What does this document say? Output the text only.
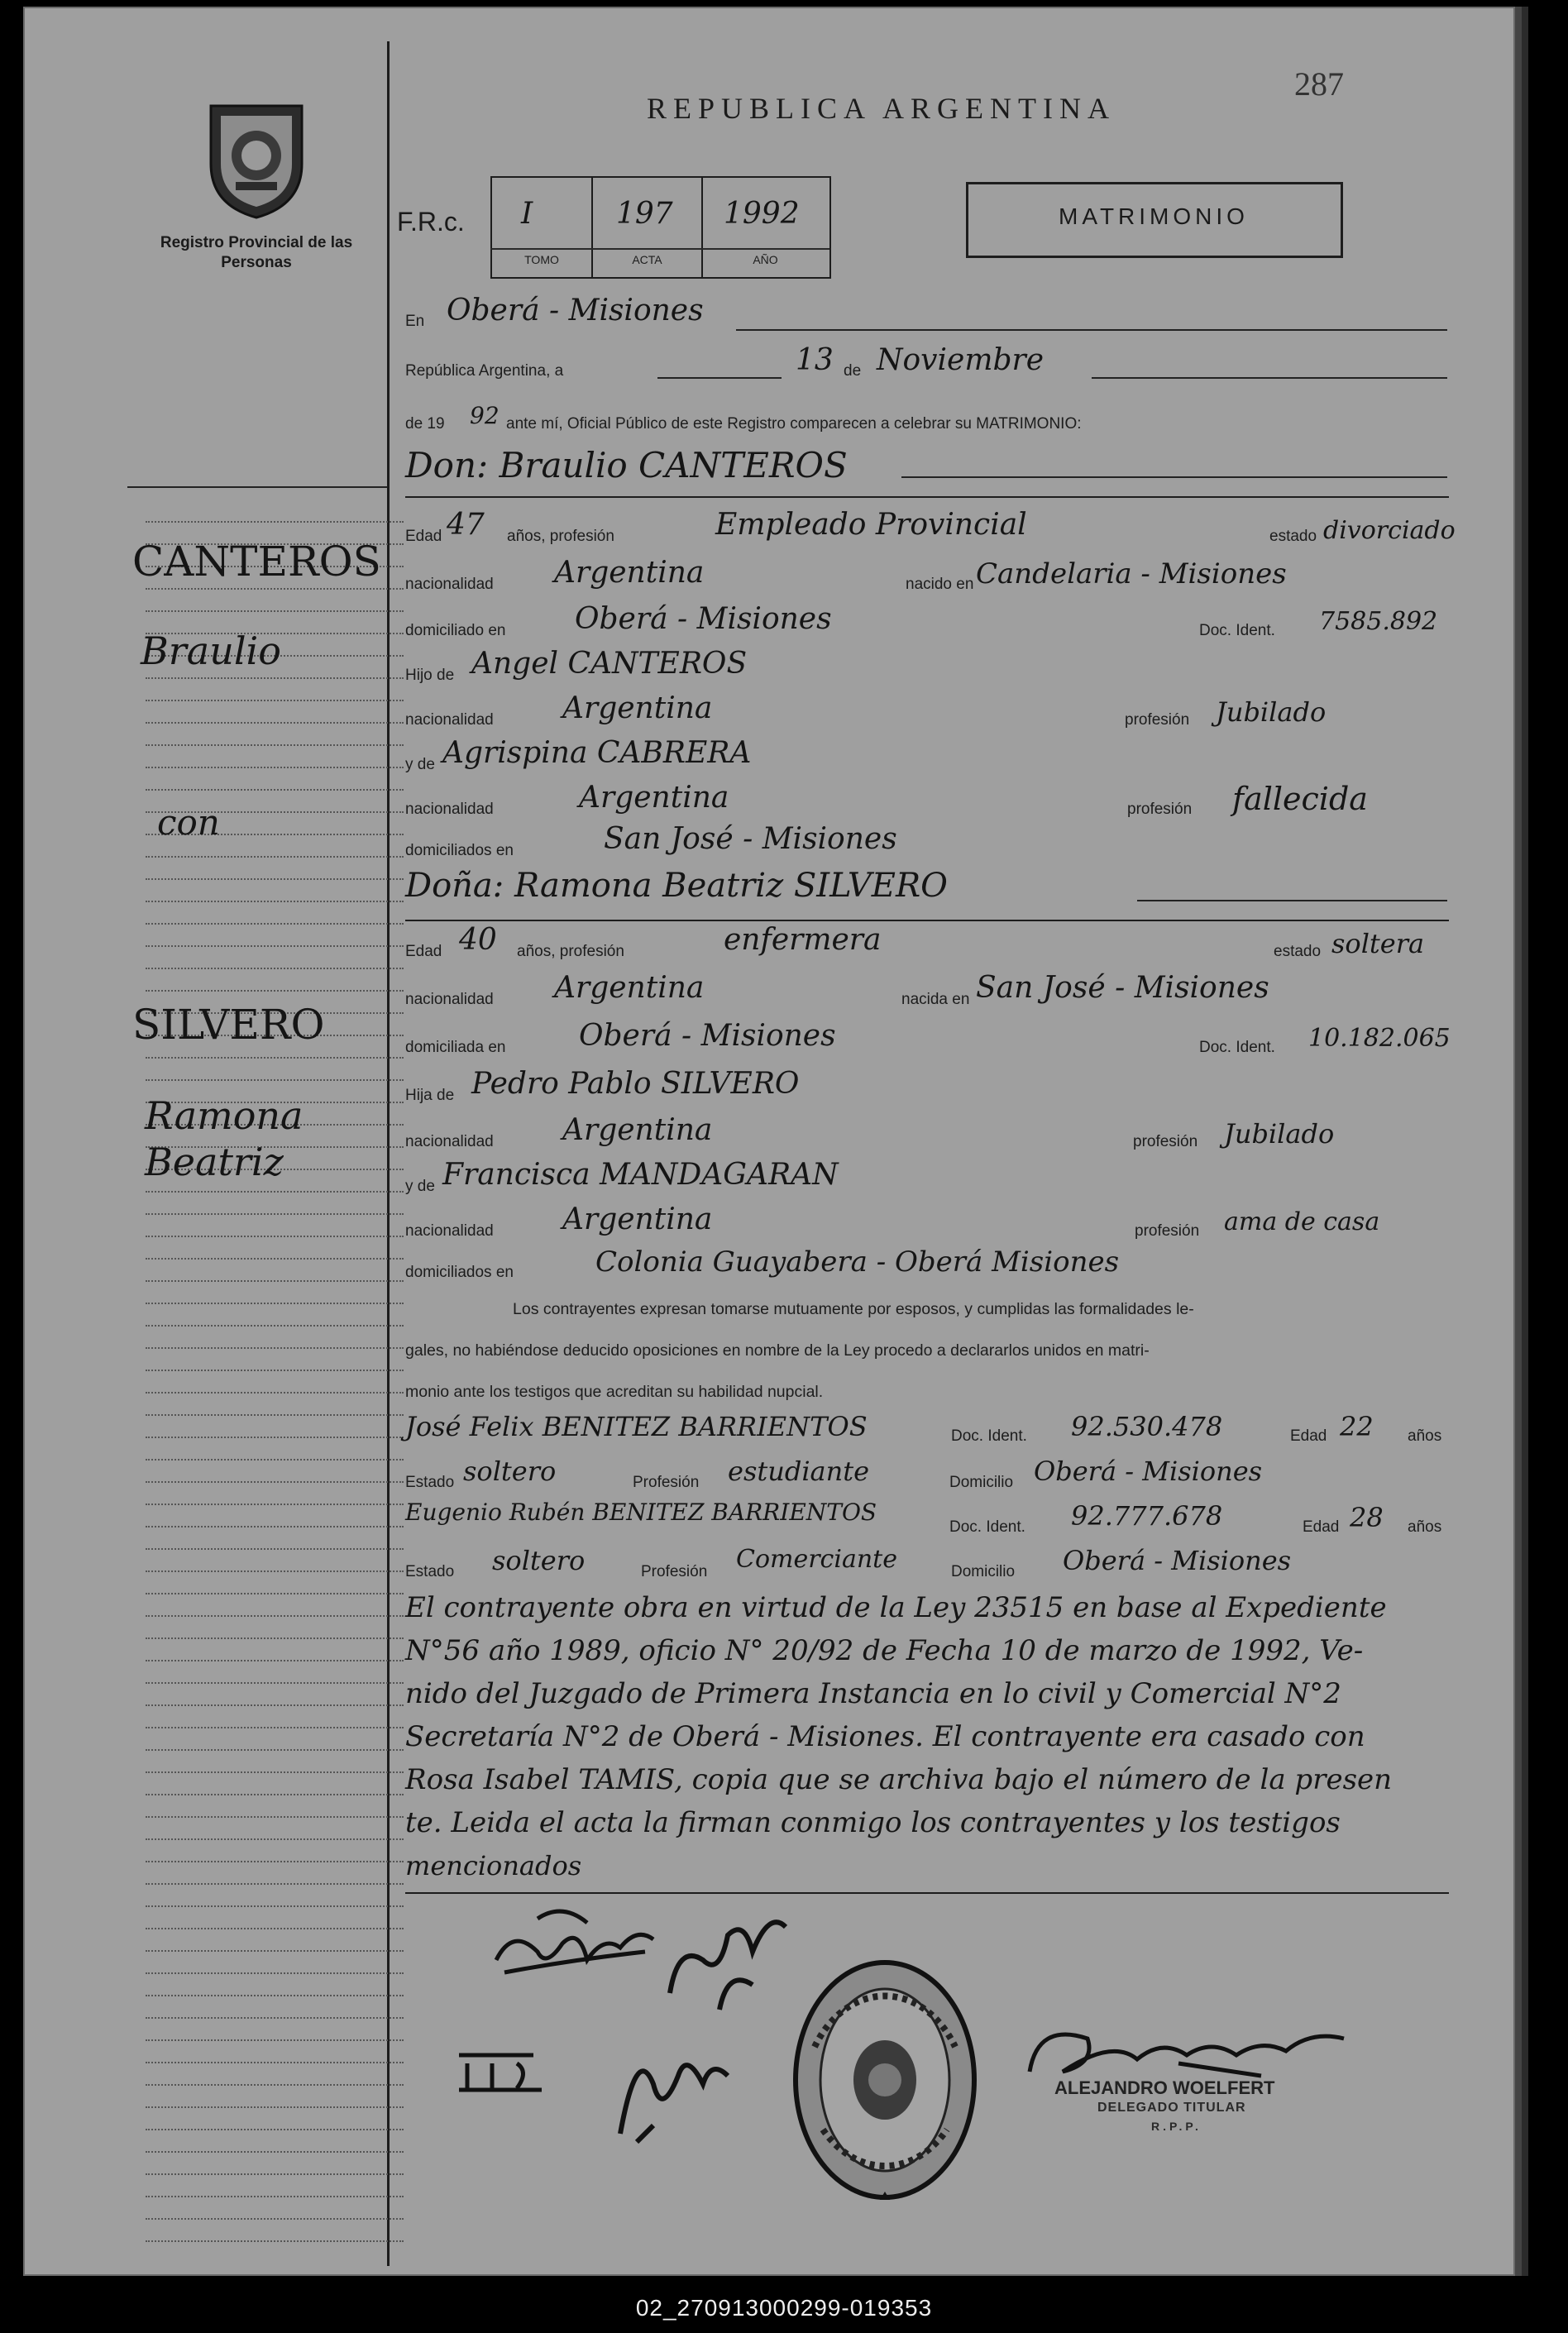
287
Registro Provincial de las Personas
REPUBLICA ARGENTINA
F.R.c. I	197 1992
TOMO	ACTA	AÑO
MATRIMONIO
CANTEROS
Braulio
con
SILVERO
Ramona
Beatriz
En Oberá - Misiones
República Argentina, a	13 de Noviembre
de 19 92 ante mí, Oficial Público de este Registro comparecen a celebrar su MATRIMONIO:
Don: Braulio CANTEROS
Edad 47 años, profesión	Empleado Provincial	estado divorciado
nacionalidad Argentina	nacido en Candelaria - Misiones
domiciliado en Oberá - Misiones	Doc. Ident. 7585.892
Hijo de Angel CANTEROS
nacionalidad Argentina	profesión Jubilado
y de Agrispina CABRERA
nacionalidad	Argentina	profesión fallecida
domiciliados en	San José - Misiones
Doña: Ramona Beatriz SILVERO
Edad 40 años, profesión	enfermera	estado soltera
nacionalidad Argentina	nacida en San José - Misiones
domiciliada en Oberá - Misiones	Doc. Ident. 10.182.065
Hija de Pedro Pablo SILVERO
nacionalidad Argentina	profesión Jubilado
y de Francisca MANDAGARAN
nacionalidad Argentina	profesión ama de casa
domiciliados en	Colonia Guayabera - Oberá Misiones
Los contrayentes expresan tomarse mutuamente por esposos, y cumplidas las formalidades le-
gales, no habiéndose deducido oposiciones en nombre de la Ley procedo a declararlos unidos en matri-
monio ante los testigos que acreditan su habilidad nupcial.
José Felix BENITEZ BARRIENTOS	Doc. Ident. 92.530.478	Edad 22 años
Estado soltero	Profesión estudiante	Domicilio Oberá - Misiones
Eugenio Rubén BENITEZ BARRIENTOS
Doc. Ident. 92.777.678	Edad 28 años
Estado soltero	Profesión Comerciante	Domicilio Oberá - Misiones
El contrayente obra en virtud de la Ley 23515 en base al Expediente
N°56 año 1989, oficio N° 20/92 de Fecha 10 de marzo de 1992, Ve-
nido del Juzgado de Primera Instancia en lo civil y Comercial N°2
Secretaría N°2 de Oberá - Misiones. El contrayente era casado con
Rosa Isabel TAMIS, copia que se archiva bajo el número de la presen
te. Leida el acta la firman conmigo los contrayentes y los testigos
mencionados
ALEJANDRO WOELFERT
DELEGADO TITULAR
R.P.P.
02_270913000299-019353
